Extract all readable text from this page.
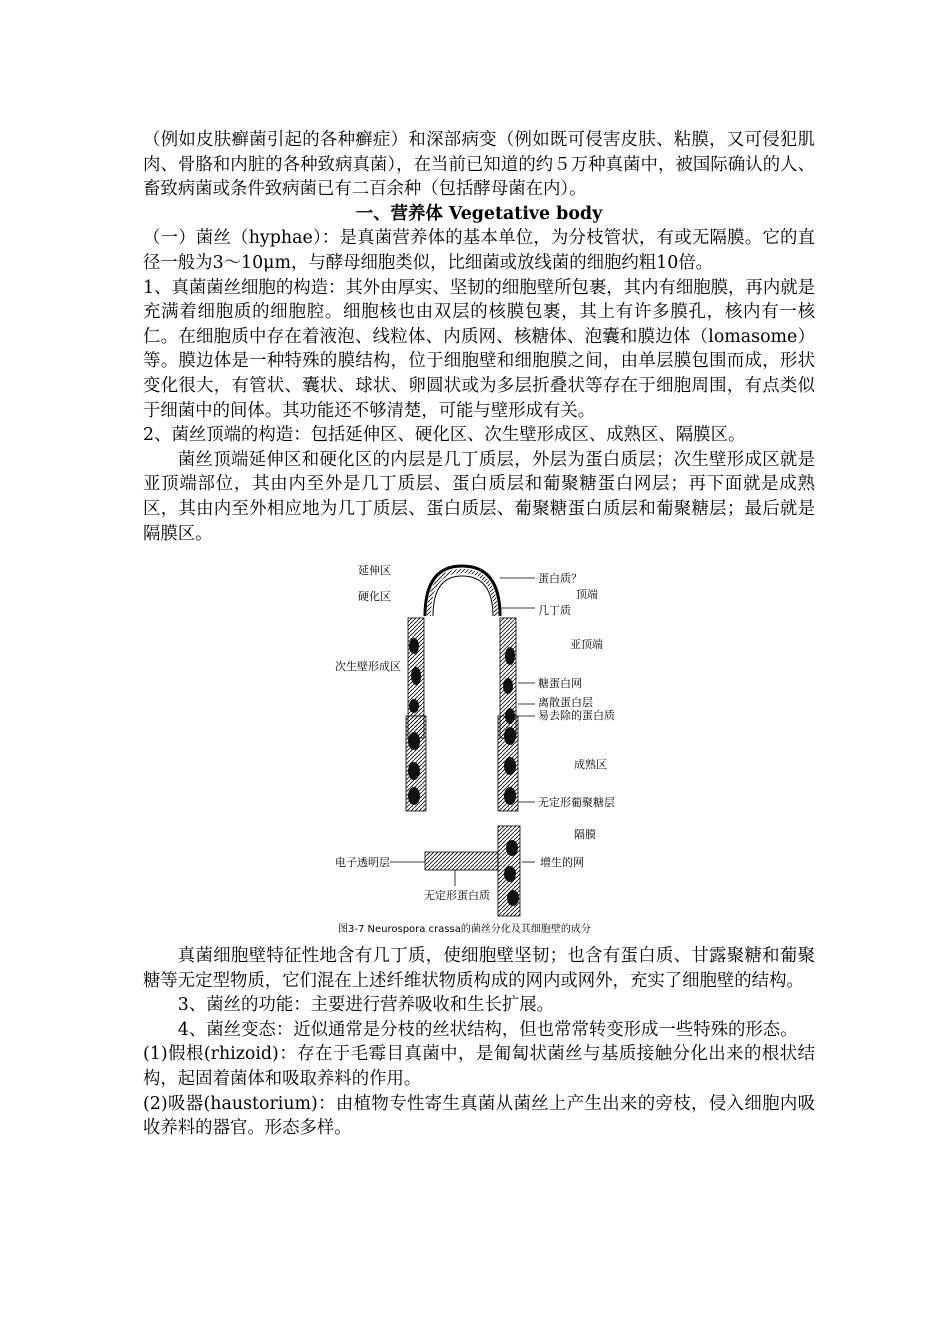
（例如皮肤癣菌引起的各种癣症）和深部病变（例如既可侵害皮肤、粘膜，又可侵犯肌肉、骨胳和内脏的各种致病真菌），在当前已知道的约５万种真菌中，被国际确认的人、畜致病菌或条件致病菌已有二百余种（包括酵母菌在内）。

一、营养体 Vegetative body

（一）菌丝（hyphae）：是真菌营养体的基本单位，为分枝管状，有或无隔膜。它的直径一般为3～10μm，与酵母细胞类似，比细菌或放线菌的细胞约粗10倍。

1、真菌菌丝细胞的构造：其外由厚实、坚韧的细胞壁所包裹，其内有细胞膜，再内就是充满着细胞质的细胞腔。细胞核也由双层的核膜包裹，其上有许多膜孔，核内有一核仁。在细胞质中存在着液泡、线粒体、内质网、核糖体、泡囊和膜边体（lomasome）等。膜边体是一种特殊的膜结构，位于细胞壁和细胞膜之间，由单层膜包围而成，形状变化很大，有管状、囊状、球状、卵圆状或为多层折叠状等存在于细胞周围，有点类似于细菌中的间体。其功能还不够清楚，可能与壁形成有关。

2、菌丝顶端的构造：包括延伸区、硬化区、次生壁形成区、成熟区、隔膜区。

菌丝顶端延伸区和硬化区的内层是几丁质层，外层为蛋白质层；次生壁形成区就是亚顶端部位，其由内至外是几丁质层、蛋白质层和葡聚糖蛋白网层；再下面就是成熟区，其由内至外相应地为几丁质层、蛋白质层、葡聚糖蛋白质层和葡聚糖层；最后就是隔膜区。

延伸区
硬化区
次生壁形成区
蛋白质？
顶端
几丁质
亚顶端
糖蛋白网
离散蛋白层
易去除的蛋白质
成熟区
无定形葡聚糖层
隔膜
电子透明层	增生的网
无定形蛋白质
图3-7 Neurospora crassa的菌丝分化及其细胞壁的成分

真菌细胞壁特征性地含有几丁质，使细胞壁坚韧；也含有蛋白质、甘露聚糖和葡聚糖等无定型物质，它们混在上述纤维状物质构成的网内或网外，充实了细胞壁的结构。

3、菌丝的功能：主要进行营养吸收和生长扩展。

4、菌丝变态：近似通常是分枝的丝状结构，但也常常转变形成一些特殊的形态。

(1)假根(rhizoid)：存在于毛霉目真菌中，是匍匐状菌丝与基质接触分化出来的根状结构，起固着菌体和吸取养料的作用。

(2)吸器(haustorium)：由植物专性寄生真菌从菌丝上产生出来的旁枝，侵入细胞内吸收养料的器官。形态多样。
